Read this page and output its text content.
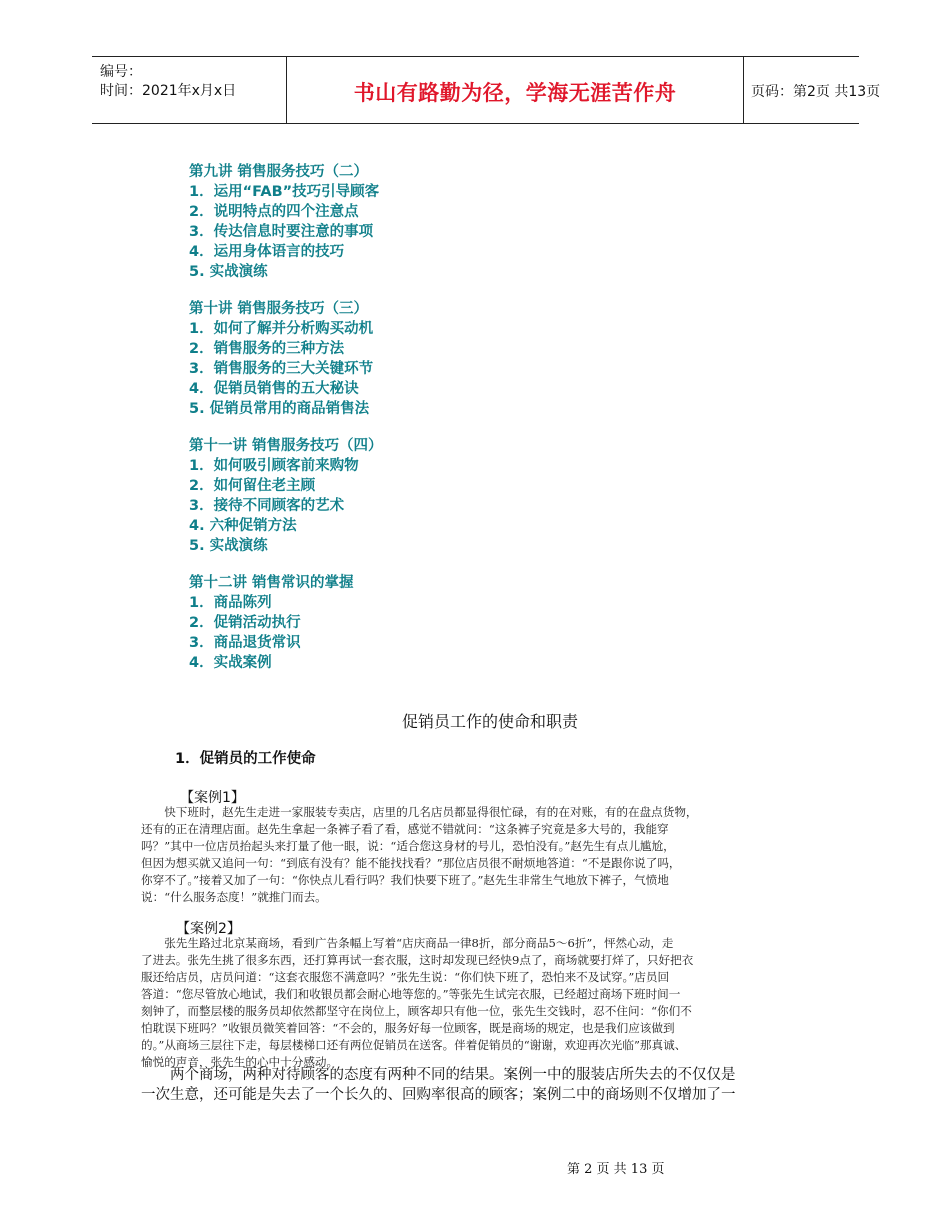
编号：
时间：2021年x月x日	书山有路勤为径，学海无涯苦作舟	页码：第2页 共13页
第九讲 销售服务技巧（二）
1．运用“FAB”技巧引导顾客
2．说明特点的四个注意点
3．传达信息时要注意的事项
4．运用身体语言的技巧
5. 实战演练
第十讲 销售服务技巧（三）
1．如何了解并分析购买动机
2．销售服务的三种方法
3．销售服务的三大关键环节
4．促销员销售的五大秘诀
5. 促销员常用的商品销售法
第十一讲 销售服务技巧（四）
1．如何吸引顾客前来购物
2．如何留住老主顾
3．接待不同顾客的艺术
4. 六种促销方法
5. 实战演练
第十二讲 销售常识的掌握
1．商品陈列
2．促销活动执行
3．商品退货常识
4．实战案例
促销员工作的使命和职责
1．促销员的工作使命
【案例1】
　　快下班时，赵先生走进一家服装专卖店，店里的几名店员都显得很忙碌，有的在对账，有的在盘点货物，
还有的正在清理店面。赵先生拿起一条裤子看了看，感觉不错就问：“这条裤子究竟是多大号的，我能穿
吗？”其中一位店员抬起头来打量了他一眼，说：“适合您这身材的号儿，恐怕没有。”赵先生有点儿尴尬，
但因为想买就又追问一句：“到底有没有？能不能找找看？”那位店员很不耐烦地答道：“不是跟你说了吗，
你穿不了。”接着又加了一句：“你快点儿看行吗？我们快要下班了。”赵先生非常生气地放下裤子，气愤地
说：“什么服务态度！”就推门而去。
【案例2】
　　张先生路过北京某商场，看到广告条幅上写着“店庆商品一律8折，部分商品5～6折”，怦然心动，走
了进去。张先生挑了很多东西，还打算再试一套衣服，这时却发现已经快9点了，商场就要打烊了，只好把衣
服还给店员，店员问道：“这套衣服您不满意吗？”张先生说：“你们快下班了，恐怕来不及试穿。”店员回
答道：“您尽管放心地试，我们和收银员都会耐心地等您的。”等张先生试完衣服，已经超过商场下班时间一
刻钟了，而整层楼的服务员却依然都坚守在岗位上，顾客却只有他一位，张先生交钱时，忍不住问：“你们不
怕耽误下班吗？”收银员微笑着回答：“不会的，服务好每一位顾客，既是商场的规定，也是我们应该做到
的。”从商场三层往下走，每层楼梯口还有两位促销员在送客。伴着促销员的“谢谢，欢迎再次光临”那真诚、
愉悦的声音，张先生的心中十分感动。
　　两个商场，两种对待顾客的态度有两种不同的结果。案例一中的服装店所失去的不仅仅是
一次生意，还可能是失去了一个长久的、回购率很高的顾客；案例二中的商场则不仅增加了一
第 2 页 共 13 页
